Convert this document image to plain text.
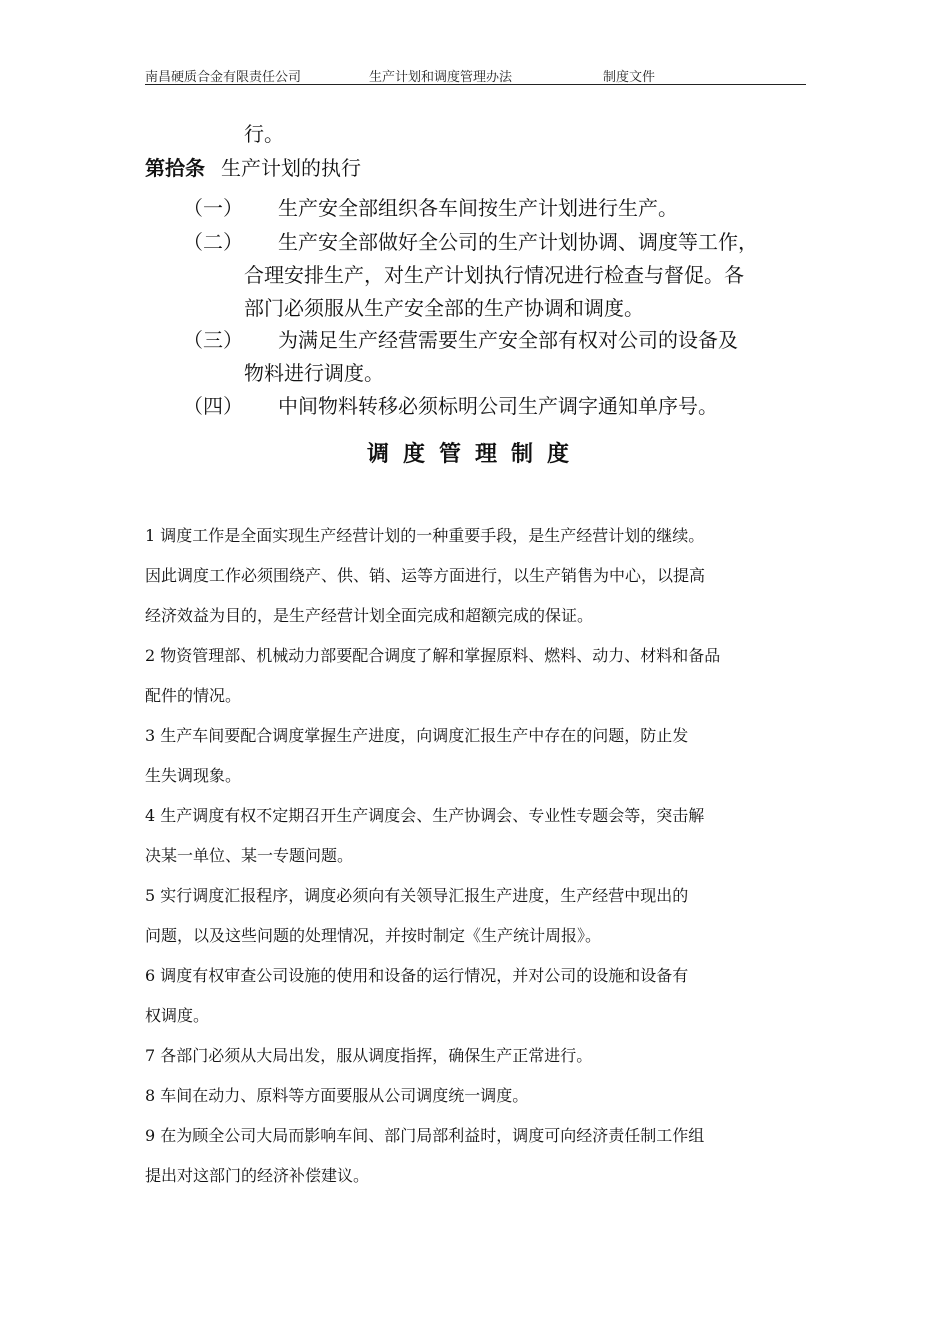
南昌硬质合金有限责任公司	生产计划和调度管理办法	制度文件
行。
第拾条 生产计划的执行
（一） 生产安全部组织各车间按生产计划进行生产。
（二） 生产安全部做好全公司的生产计划协调、调度等工作，
合理安排生产，对生产计划执行情况进行检查与督促。各
部门必须服从生产安全部的生产协调和调度。
（三） 为满足生产经营需要生产安全部有权对公司的设备及
物料进行调度。
（四） 中间物料转移必须标明公司生产调字通知单序号。
调度管理制度
1 调度工作是全面实现生产经营计划的一种重要手段，是生产经营计划的继续。
因此调度工作必须围绕产、供、销、运等方面进行，以生产销售为中心，以提高
经济效益为目的，是生产经营计划全面完成和超额完成的保证。
2 物资管理部、机械动力部要配合调度了解和掌握原料、燃料、动力、材料和备品
配件的情况。
3 生产车间要配合调度掌握生产进度，向调度汇报生产中存在的问题，防止发
生失调现象。
4 生产调度有权不定期召开生产调度会、生产协调会、专业性专题会等，突击解
决某一单位、某一专题问题。
5 实行调度汇报程序，调度必须向有关领导汇报生产进度，生产经营中现出的
问题，以及这些问题的处理情况，并按时制定《生产统计周报》。
6 调度有权审查公司设施的使用和设备的运行情况，并对公司的设施和设备有
权调度。
7 各部门必须从大局出发，服从调度指挥，确保生产正常进行。
8 车间在动力、原料等方面要服从公司调度统一调度。
9 在为顾全公司大局而影响车间、部门局部利益时，调度可向经济责任制工作组
提出对这部门的经济补偿建议。
